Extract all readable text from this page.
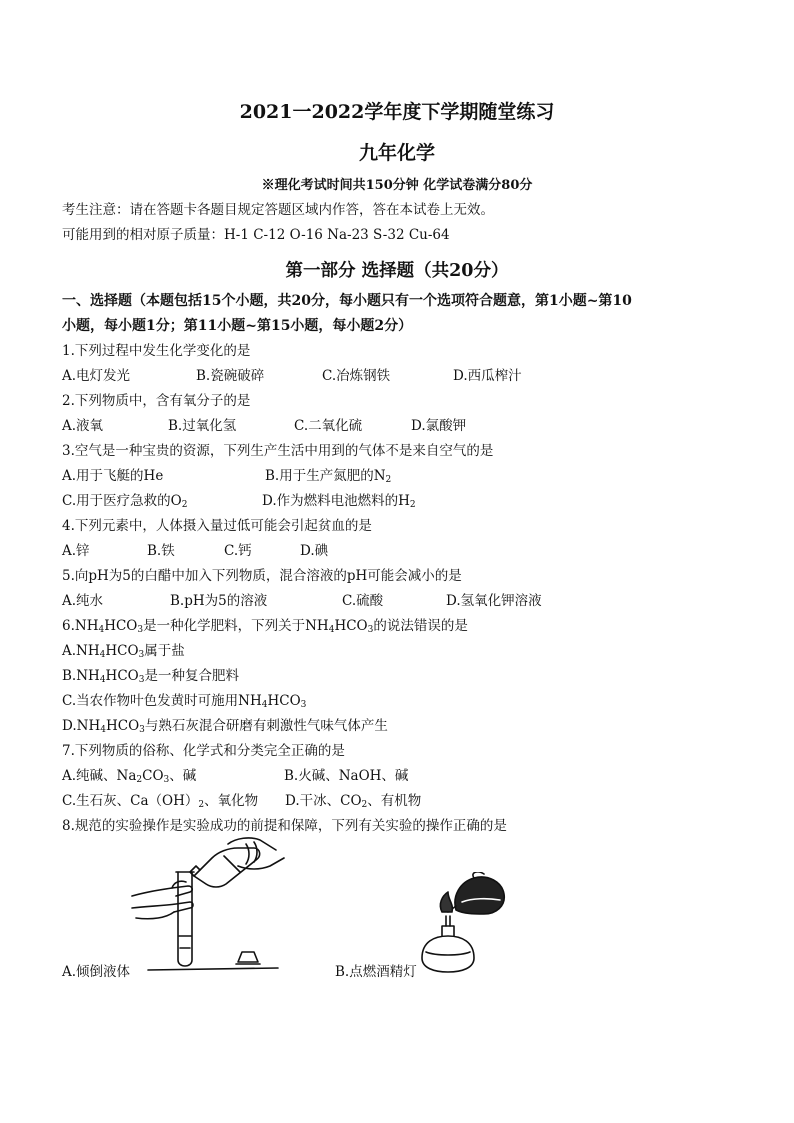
2021一2022学年度下学期随堂练习
九年化学
※理化考试时间共150分钟 化学试卷满分80分
考生注意：请在答题卡各题目规定答题区域内作答，答在本试卷上无效。
可能用到的相对原子质量：H-1 C-12 O-16 Na-23 S-32 Cu-64
第一部分 选择题（共20分）
一、选择题（本题包括15个小题，共20分，每小题只有一个选项符合题意，第1小题~第10
小题，每小题1分；第11小题~第15小题，每小题2分）
1.下列过程中发生化学变化的是
A.电灯发光	B.瓷碗破碎	C.冶炼钢铁	D.西瓜榨汁
2.下列物质中，含有氧分子的是
A.液氧	B.过氧化氢	C.二氧化硫	D.氯酸钾
3.空气是一种宝贵的资源，下列生产生活中用到的气体不是来自空气的是
A.用于飞艇的He	B.用于生产氮肥的$N_2$
C.用于医疗急救的$O_2$	D.作为燃料电池燃料的$H_2$
4.下列元素中，人体摄入量过低可能会引起贫血的是
A.锌	B.铁	C.钙	D.碘
5.向pH为5的白醋中加入下列物质，混合溶液的pH可能会减小的是
A.纯水	B.pH为5的溶液	C.硫酸	D.氢氧化钾溶液
$6.NH_4HCO_3$是一种化学肥料，下列关于$NH_4HCO_3$的说法错误的是
$A.NH_4HCO_3$属于盐
$B.NH_4HCO_3$是一种复合肥料
C.当农作物叶色发黄时可施用$NH_4HCO_3$
$D.NH_4HCO_3$与熟石灰混合研磨有刺激性气味气体产生
7.下列物质的俗称、化学式和分类完全正确的是
A.纯碱、$Na_2CO_3$、碱	B.火碱、NaOH、碱
C.生石灰、$Ca(OH)_2$、氧化物 D.干冰、$CO_2$、有机物
8.规范的实验操作是实验成功的前提和保障，下列有关实验的操作正确的是
A.倾倒液体	B.点燃酒精灯
